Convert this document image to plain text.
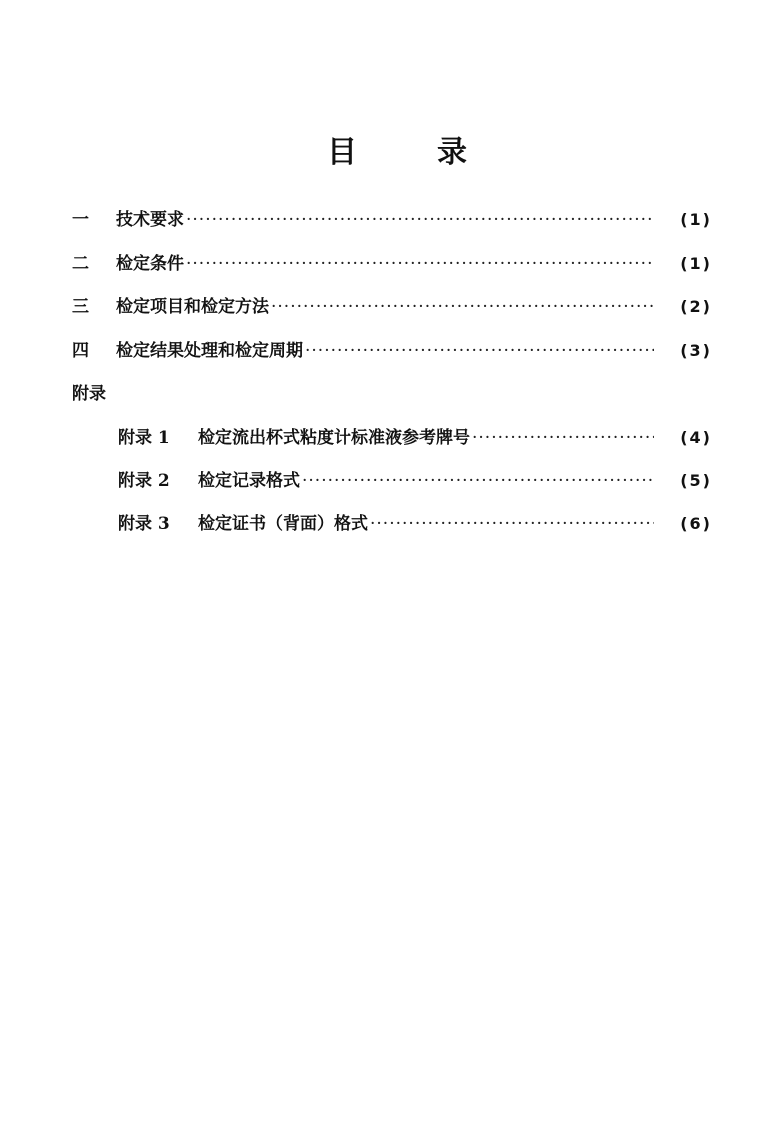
目	录
一	技术要求 ·····	(1)
二	检定条件 ·····	(1)
三	检定项目和检定方法 ·····	(2)
四	检定结果处理和检定周期 ·····	(3)
附录
附录 1	检定流出杯式粘度计标准液参考牌号 ·····	(4)
附录 2	检定记录格式 ·····	(5)
附录 3	检定证书（背面）格式 ·····	(6)
